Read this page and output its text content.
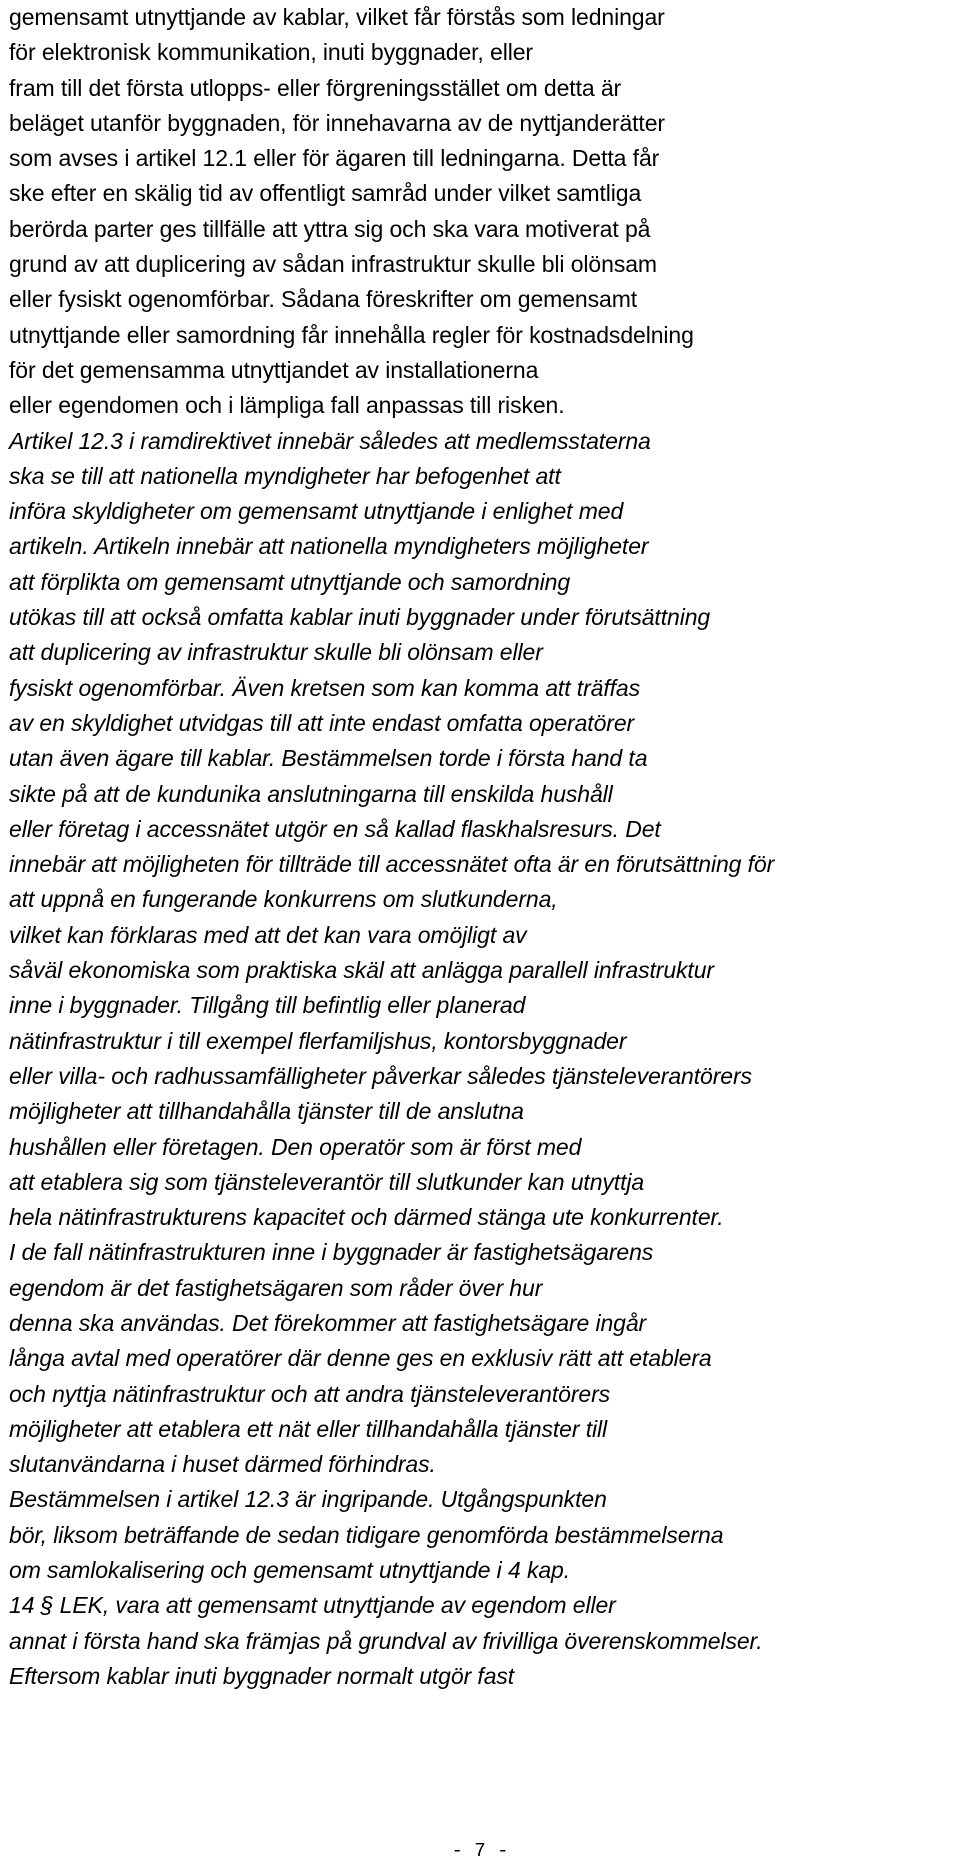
gemensamt utnyttjande av kablar, vilket får förstås som ledningar
för elektronisk kommunikation, inuti byggnader, eller
fram till det första utlopps- eller förgreningsstället om detta är
beläget utanför byggnaden, för innehavarna av de nyttjanderätter
som avses i artikel 12.1 eller för ägaren till ledningarna. Detta får
ske efter en skälig tid av offentligt samråd under vilket samtliga
berörda parter ges tillfälle att yttra sig och ska vara motiverat på
grund av att duplicering av sådan infrastruktur skulle bli olönsam
eller fysiskt ogenomförbar. Sådana föreskrifter om gemensamt
utnyttjande eller samordning får innehålla regler för kostnadsdelning
för det gemensamma utnyttjandet av installationerna
eller egendomen och i lämpliga fall anpassas till risken.
Artikel 12.3 i ramdirektivet innebär således att medlemsstaterna
ska se till att nationella myndigheter har befogenhet att
införa skyldigheter om gemensamt utnyttjande i enlighet med
artikeln. Artikeln innebär att nationella myndigheters möjligheter
att förplikta om gemensamt utnyttjande och samordning
utökas till att också omfatta kablar inuti byggnader under förutsättning
att duplicering av infrastruktur skulle bli olönsam eller
fysiskt ogenomförbar. Även kretsen som kan komma att träffas
av en skyldighet utvidgas till att inte endast omfatta operatörer
utan även ägare till kablar. Bestämmelsen torde i första hand ta
sikte på att de kundunika anslutningarna till enskilda hushåll
eller företag i accessnätet utgör en så kallad flaskhalsresurs. Det
innebär att möjligheten för tillträde till accessnätet ofta är en förutsättning för
att uppnå en fungerande konkurrens om slutkunderna,
vilket kan förklaras med att det kan vara omöjligt av
såväl ekonomiska som praktiska skäl att anlägga parallell infrastruktur
inne i byggnader. Tillgång till befintlig eller planerad
nätinfrastruktur i till exempel flerfamiljshus, kontorsbyggnader
eller villa- och radhussamfälligheter påverkar således tjänsteleverantörers
möjligheter att tillhandahålla tjänster till de anslutna
hushållen eller företagen. Den operatör som är först med
att etablera sig som tjänsteleverantör till slutkunder kan utnyttja
hela nätinfrastrukturens kapacitet och därmed stänga ute konkurrenter.
I de fall nätinfrastrukturen inne i byggnader är fastighetsägarens
egendom är det fastighetsägaren som råder över hur
denna ska användas. Det förekommer att fastighetsägare ingår
långa avtal med operatörer där denne ges en exklusiv rätt att etablera
och nyttja nätinfrastruktur och att andra tjänsteleverantörers
möjligheter att etablera ett nät eller tillhandahålla tjänster till
slutanvändarna i huset därmed förhindras.
Bestämmelsen i artikel 12.3 är ingripande. Utgångspunkten
bör, liksom beträffande de sedan tidigare genomförda bestämmelserna
om samlokalisering och gemensamt utnyttjande i 4 kap.
14 § LEK, vara att gemensamt utnyttjande av egendom eller
annat i första hand ska främjas på grundval av frivilliga överenskommelser.
Eftersom kablar inuti byggnader normalt utgör fast
- 7 -
